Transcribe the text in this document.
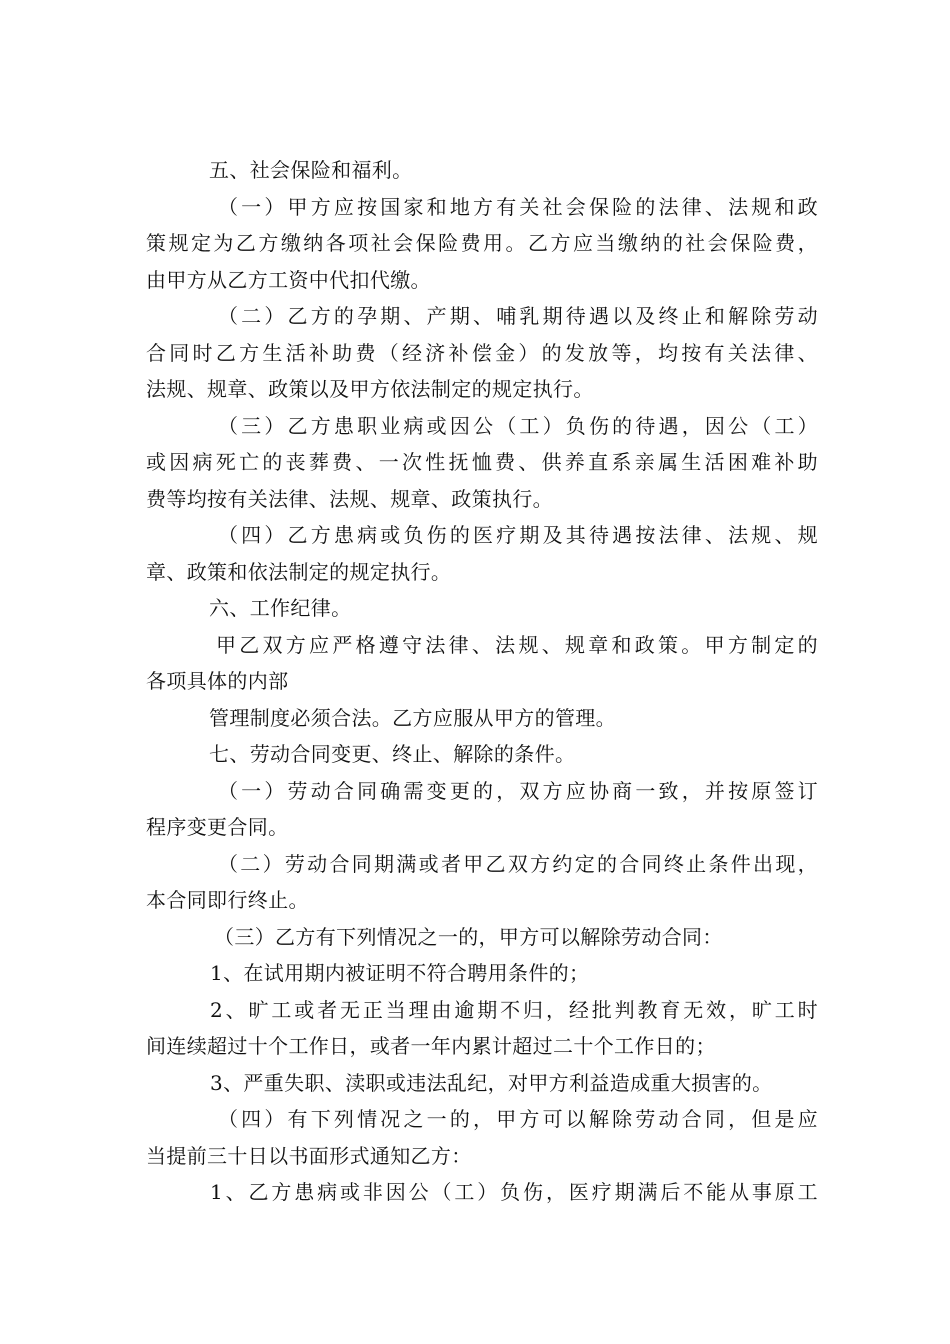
五、社会保险和福利。
（一）甲方应按国家和地方有关社会保险的法律、法规和政
策规定为乙方缴纳各项社会保险费用。乙方应当缴纳的社会保险费，
由甲方从乙方工资中代扣代缴。
（二）乙方的孕期、产期、哺乳期待遇以及终止和解除劳动
合同时乙方生活补助费（经济补偿金）的发放等，均按有关法律、
法规、规章、政策以及甲方依法制定的规定执行。
（三）乙方患职业病或因公（工）负伤的待遇，因公（工）
或因病死亡的丧葬费、一次性抚恤费、供养直系亲属生活困难补助
费等均按有关法律、法规、规章、政策执行。
（四）乙方患病或负伤的医疗期及其待遇按法律、法规、规
章、政策和依法制定的规定执行。
六、工作纪律。
甲乙双方应严格遵守法律、法规、规章和政策。甲方制定的
各项具体的内部
管理制度必须合法。乙方应服从甲方的管理。
七、劳动合同变更、终止、解除的条件。
（一）劳动合同确需变更的，双方应协商一致，并按原签订
程序变更合同。
（二）劳动合同期满或者甲乙双方约定的合同终止条件出现，
本合同即行终止。
（三）乙方有下列情况之一的，甲方可以解除劳动合同：
1、在试用期内被证明不符合聘用条件的；
2、旷工或者无正当理由逾期不归，经批判教育无效，旷工时
间连续超过十个工作日，或者一年内累计超过二十个工作日的；
3、严重失职、渎职或违法乱纪，对甲方利益造成重大损害的。
（四）有下列情况之一的，甲方可以解除劳动合同，但是应
当提前三十日以书面形式通知乙方：
1、乙方患病或非因公（工）负伤，医疗期满后不能从事原工
